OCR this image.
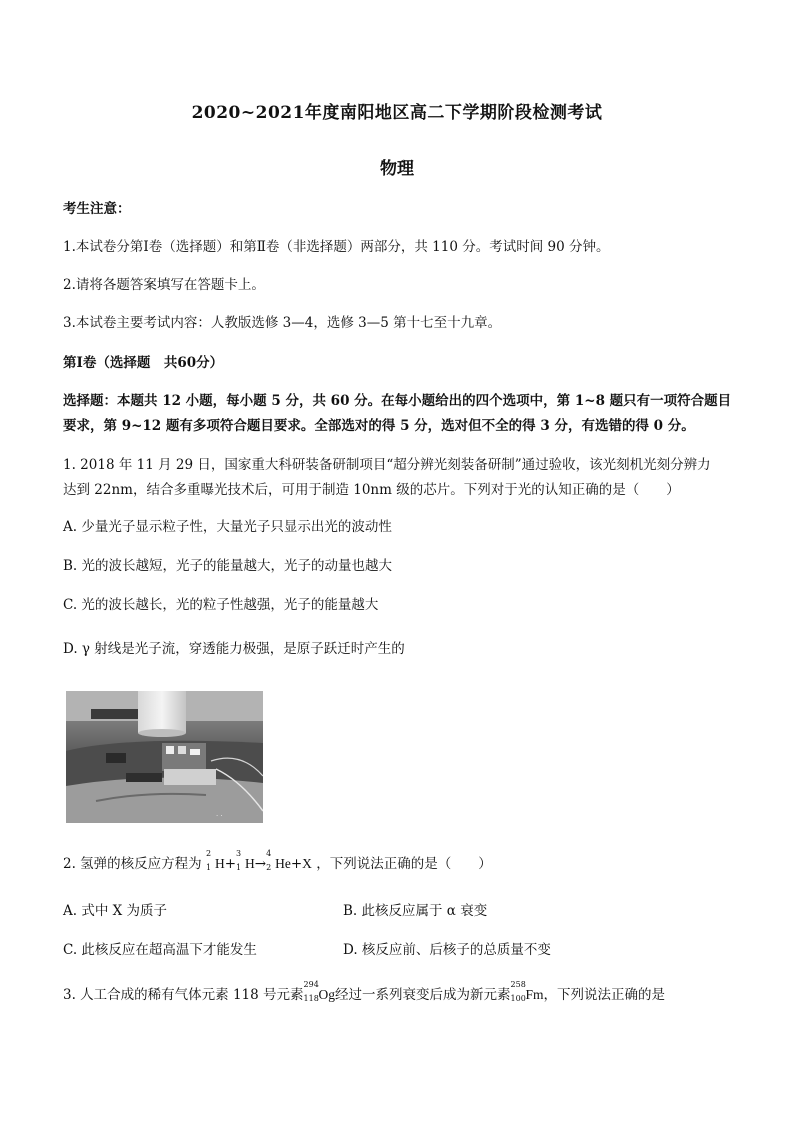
2020~2021年度南阳地区高二下学期阶段检测考试
物理
考生注意：
1.本试卷分第Ⅰ卷（选择题）和第Ⅱ卷（非选择题）两部分，共 110 分。考试时间 90 分钟。
2.请将各题答案填写在答题卡上。
3.本试卷主要考试内容：人教版选修 3—4，选修 3—5 第十七至十九章。
第Ⅰ卷（选择题　共60分）
选择题：本题共 12 小题，每小题 5 分，共 60 分。在每小题给出的四个选项中，第 1~8 题只有一项符合题目
要求，第 9~12 题有多项符合题目要求。全部选对的得 5 分，选对但不全的得 3 分，有选错的得 0 分。
1. 2018 年 11 月 29 日，国家重大科研装备研制项目“超分辨光刻装备研制”通过验收，该光刻机光刻分辨力
达到 22nm，结合多重曝光技术后，可用于制造 10nm 级的芯片。下列对于光的认知正确的是（　　）
A. 少量光子显示粒子性，大量光子只显示出光的波动性
B. 光的波长越短，光子的能量越大，光子的动量也越大
C. 光的波长越长，光的粒子性越强，光子的能量越大
D. γ 射线是光子流，穿透能力极强，是原子跃迁时产生的
· ·
2. 氢弹的核反应方程为
2
1 H+
3
1 H→
4
2 He+X ，下列说法正确的是（　　）
A. 式中 X 为质子	B. 此核反应属于 α 衰变
C. 此核反应在超高温下才能发生	D. 核反应前、后核子的总质量不变
3. 人工合成的稀有气体元素 118 号元素
294
118 Og经过一系列衰变后成为新元素
258
100 Fm，下列说法正确的是
